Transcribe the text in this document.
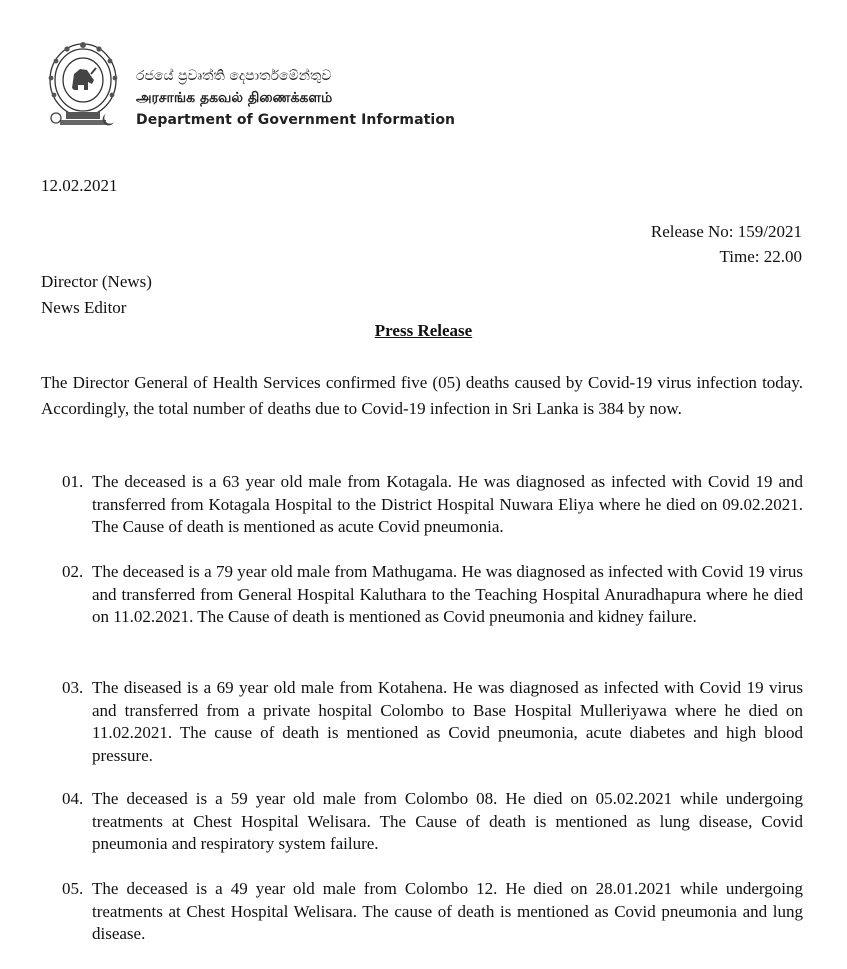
රජයේ ප්‍රවෘත්ති දෙපාර්තමේන්තුව
அரசாங்க தகவல் திணைக்களம்
Department of Government Information
12.02.2021
Release No: 159/2021
Time: 22.00
Director (News)
News Editor
Press Release

The Director General of Health Services confirmed five (05) deaths caused by Covid-19 virus infection today. Accordingly, the total number of deaths due to Covid-19 infection in Sri Lanka is 384 by now.

01. The deceased is a 63 year old male from Kotagala. He was diagnosed as infected with Covid 19 and transferred from Kotagala Hospital to the District Hospital Nuwara Eliya where he died on 09.02.2021. The Cause of death is mentioned as acute Covid pneumonia.
02. The deceased is a 79 year old male from Mathugama. He was diagnosed as infected with Covid 19 virus and transferred from General Hospital Kaluthara to the Teaching Hospital Anuradhapura where he died on 11.02.2021. The Cause of death is mentioned as Covid pneumonia and kidney failure.
03. The diseased is a 69 year old male from Kotahena. He was diagnosed as infected with Covid 19 virus and transferred from a private hospital Colombo to Base Hospital Mulleriyawa where he died on 11.02.2021. The cause of death is mentioned as Covid pneumonia, acute diabetes and high blood pressure.
04. The deceased is a 59 year old male from Colombo 08. He died on 05.02.2021 while undergoing treatments at Chest Hospital Welisara. The Cause of death is mentioned as lung disease, Covid pneumonia and respiratory system failure.
05. The deceased is a 49 year old male from Colombo 12. He died on 28.01.2021 while undergoing treatments at Chest Hospital Welisara. The cause of death is mentioned as Covid pneumonia and lung disease.
